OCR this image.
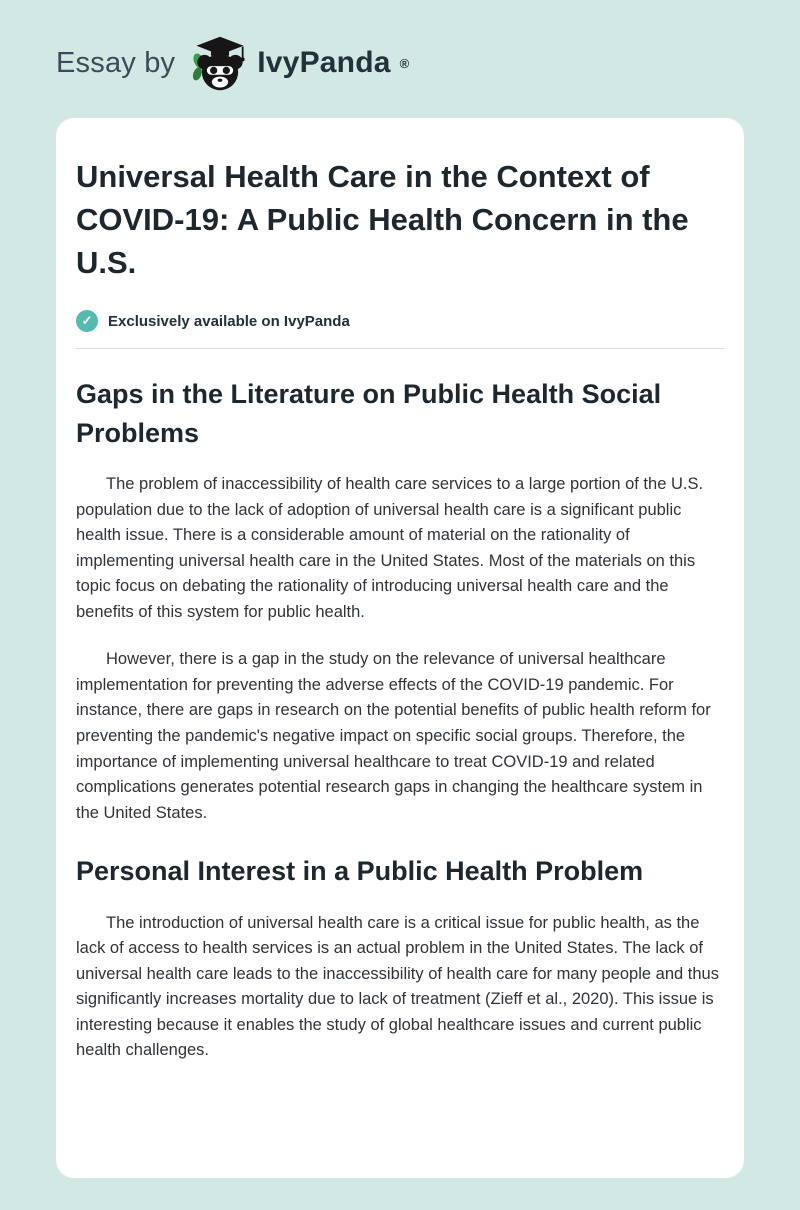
Essay by	IvyPanda ®
Universal Health Care in the Context of COVID-19: A Public Health Concern in the U.S.
✓	Exclusively available on IvyPanda
Gaps in the Literature on Public Health Social Problems

The problem of inaccessibility of health care services to a large portion of the U.S. population due to the lack of adoption of universal health care is a significant public health issue. There is a considerable amount of material on the rationality of implementing universal health care in the United States. Most of the materials on this topic focus on debating the rationality of introducing universal health care and the benefits of this system for public health.

However, there is a gap in the study on the relevance of universal healthcare implementation for preventing the adverse effects of the COVID-19 pandemic. For instance, there are gaps in research on the potential benefits of public health reform for preventing the pandemic's negative impact on specific social groups. Therefore, the importance of implementing universal healthcare to treat COVID-19 and related complications generates potential research gaps in changing the healthcare system in the United States.

Personal Interest in a Public Health Problem

The introduction of universal health care is a critical issue for public health, as the lack of access to health services is an actual problem in the United States. The lack of universal health care leads to the inaccessibility of health care for many people and thus significantly increases mortality due to lack of treatment (Zieff et al., 2020). This issue is interesting because it enables the study of global healthcare issues and current public health challenges.
